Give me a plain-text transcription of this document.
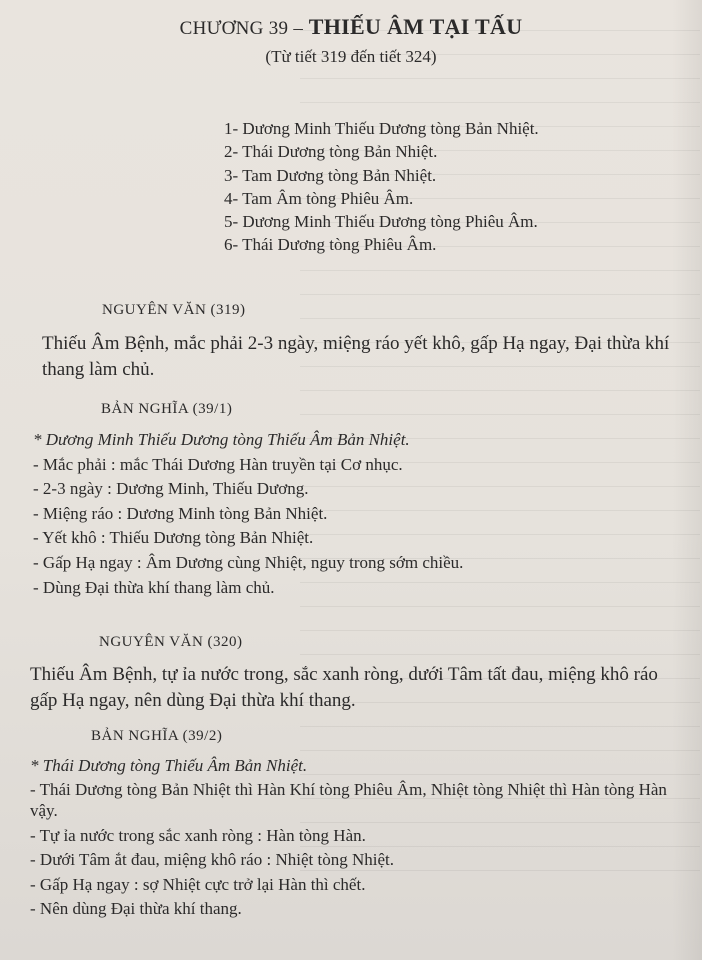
CHƯƠNG 39 – THIẾU ÂM TẠI TẤU
(Từ tiết 319 đến tiết 324)
1- Dương Minh Thiếu Dương tòng Bản Nhiệt.
2- Thái Dương tòng Bản Nhiệt.
3- Tam Dương tòng Bản Nhiệt.
4- Tam Âm tòng Phiêu Âm.
5- Dương Minh Thiếu Dương tòng Phiêu Âm.
6- Thái Dương tòng Phiêu Âm.
NGUYÊN VĂN (319)

Thiếu Âm Bệnh, mắc phải 2-3 ngày, miệng ráo yết khô, gấp Hạ ngay, Đại thừa khí thang làm chủ.

BẢN NGHĨA (39/1)
* Dương Minh Thiếu Dương tòng Thiếu Âm Bản Nhiệt.
- Mắc phải : mắc Thái Dương Hàn truyền tại Cơ nhục.
- 2-3 ngày : Dương Minh, Thiếu Dương.
- Miệng ráo : Dương Minh tòng Bản Nhiệt.
- Yết khô : Thiếu Dương tòng Bản Nhiệt.
- Gấp Hạ ngay : Âm Dương cùng Nhiệt, nguy trong sớm chiều.
- Dùng Đại thừa khí thang làm chủ.
NGUYÊN VĂN (320)

Thiếu Âm Bệnh, tự ỉa nước trong, sắc xanh ròng, dưới Tâm tất đau, miệng khô ráo gấp Hạ ngay, nên dùng Đại thừa khí thang.

BẢN NGHĨA (39/2)
* Thái Dương tòng Thiếu Âm Bản Nhiệt.
- Thái Dương tòng Bản Nhiệt thì Hàn Khí tòng Phiêu Âm, Nhiệt tòng Nhiệt thì Hàn tòng Hàn vậy.
- Tự ỉa nước trong sắc xanh ròng : Hàn tòng Hàn.
- Dưới Tâm ắt đau, miệng khô ráo : Nhiệt tòng Nhiệt.
- Gấp Hạ ngay : sợ Nhiệt cực trở lại Hàn thì chết.
- Nên dùng Đại thừa khí thang.
